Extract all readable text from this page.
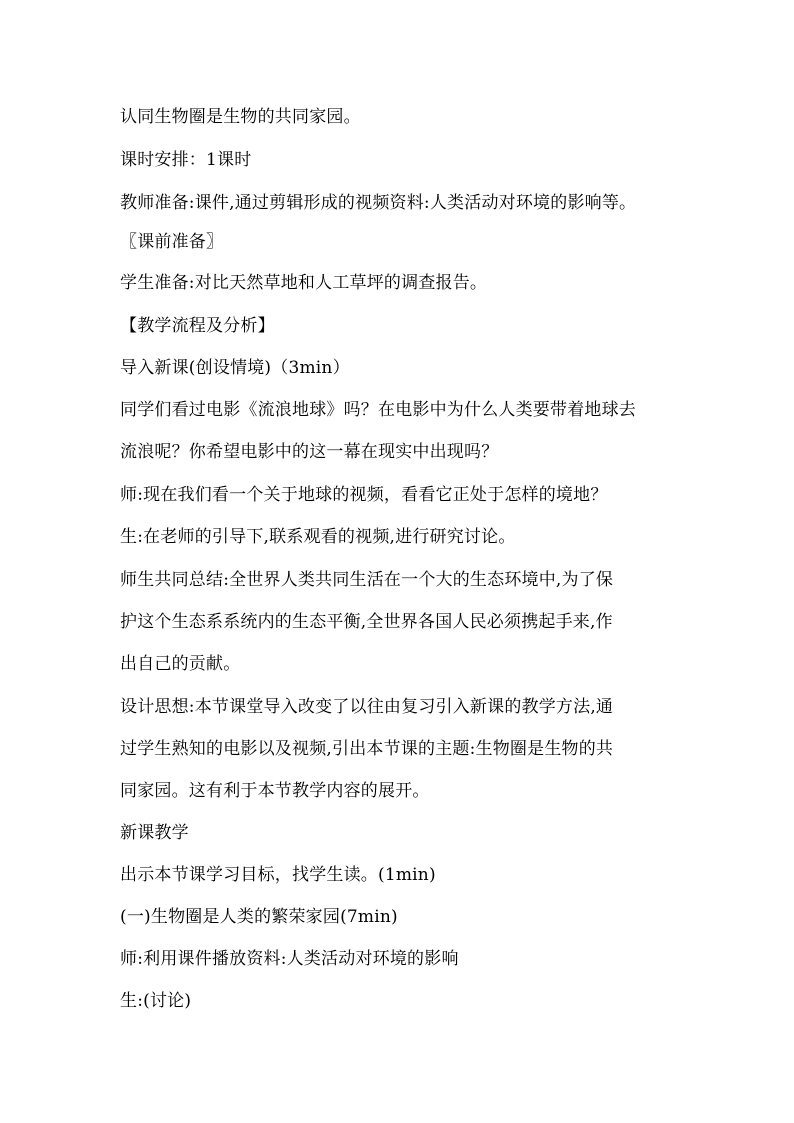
认同生物圈是生物的共同家园。
课时安排：1课时
教师准备:课件,通过剪辑形成的视频资料:人类活动对环境的影响等。
〖课前准备〗
学生准备:对比天然草地和人工草坪的调查报告。
【教学流程及分析】
导入新课(创设情境)（3min）
同学们看过电影《流浪地球》吗？在电影中为什么人类要带着地球去
流浪呢？你希望电影中的这一幕在现实中出现吗？
师:现在我们看一个关于地球的视频，看看它正处于怎样的境地？
生:在老师的引导下,联系观看的视频,进行研究讨论。
师生共同总结:全世界人类共同生活在一个大的生态环境中,为了保
护这个生态系系统内的生态平衡,全世界各国人民必须携起手来,作
出自己的贡献。
设计思想:本节课堂导入改变了以往由复习引入新课的教学方法,通
过学生熟知的电影以及视频,引出本节课的主题:生物圈是生物的共
同家园。这有利于本节教学内容的展开。
新课教学
出示本节课学习目标，找学生读。(1min)
(一)生物圈是人类的繁荣家园(7min)
师:利用课件播放资料:人类活动对环境的影响
生:(讨论)
